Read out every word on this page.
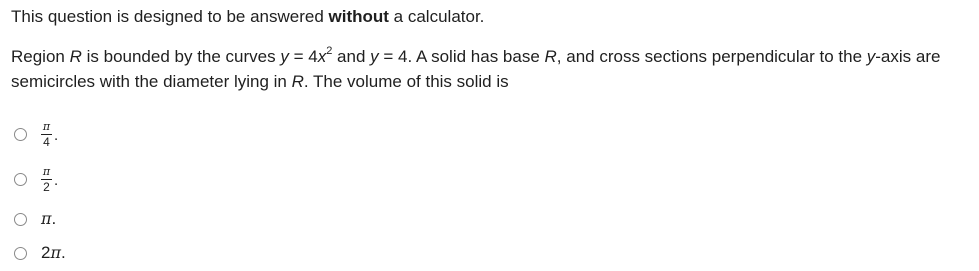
This question is designed to be answered without a calculator.
Region R is bounded by the curves $y = 4x^2$ and y = 4. A solid has base R, and cross sections perpendicular to the y-axis are semicircles with the diameter lying in R. The volume of this solid is
$\frac{\pi}{4}$ .
$\frac{\pi}{2}$ .
π.
2π.
